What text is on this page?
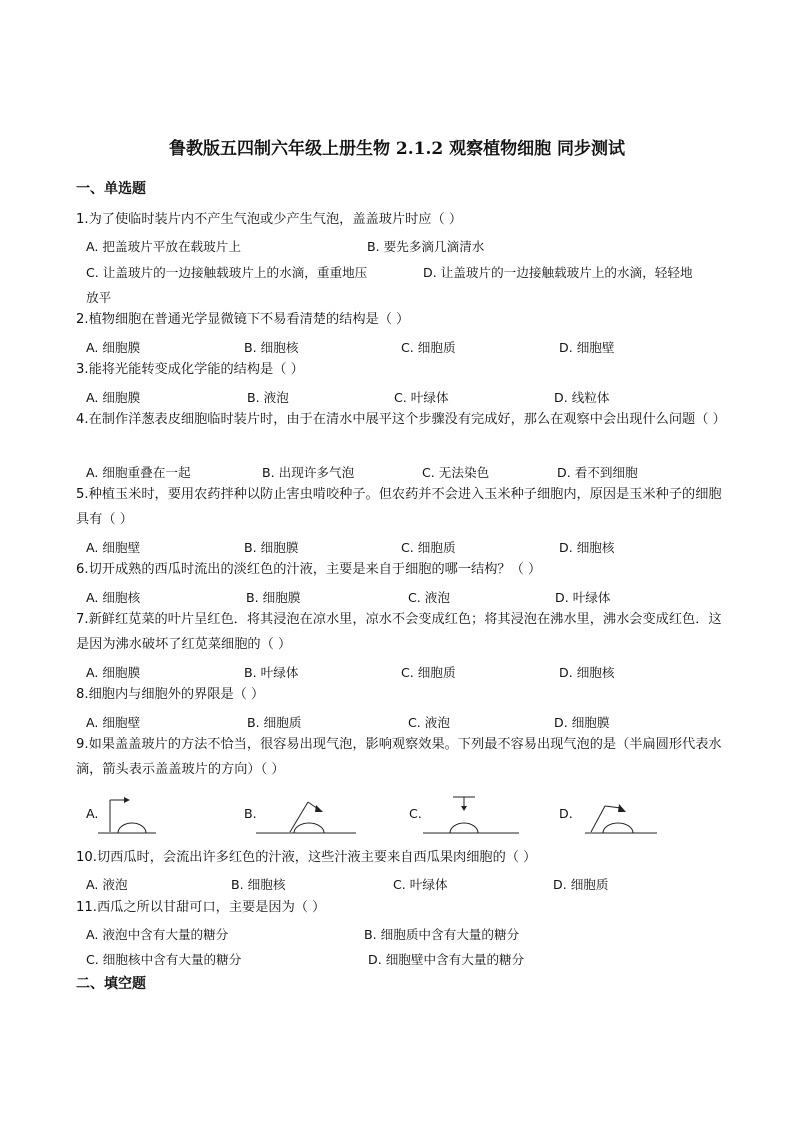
鲁教版五四制六年级上册生物 2.1.2 观察植物细胞 同步测试
一、单选题
1.为了使临时装片内不产生气泡或少产生气泡，盖盖玻片时应（ ）
A. 把盖玻片平放在载玻片上	B. 要先多滴几滴清水
C. 让盖玻片的一边接触载玻片上的水滴，重重地压	D. 让盖玻片的一边接触载玻片上的水滴，轻轻地
放平
2.植物细胞在普通光学显微镜下不易看清楚的结构是（ ）
A. 细胞膜	B. 细胞核	C. 细胞质	D. 细胞壁
3.能将光能转变成化学能的结构是（ ）
A. 细胞膜	B. 液泡	C. 叶绿体	D. 线粒体
4.在制作洋葱表皮细胞临时装片时，由于在清水中展平这个步骤没有完成好，那么在观察中会出现什么问题（ ）
A. 细胞重叠在一起	B. 出现许多气泡	C. 无法染色	D. 看不到细胞
5.种植玉米时，要用农药拌种以防止害虫啃咬种子。但农药并不会进入玉米种子细胞内，原因是玉米种子的细胞具有（ ）
A. 细胞壁	B. 细胞膜	C. 细胞质	D. 细胞核
6.切开成熟的西瓜时流出的淡红色的汁液，主要是来自于细胞的哪一结构？（ ）
A. 细胞核	B. 细胞膜	C. 液泡	D. 叶绿体
7.新鲜红苋菜的叶片呈红色．将其浸泡在凉水里，凉水不会变成红色；将其浸泡在沸水里，沸水会变成红色．这是因为沸水破坏了红苋菜细胞的（ ）
A. 细胞膜	B. 叶绿体	C. 细胞质	D. 细胞核
8.细胞内与细胞外的界限是（ ）
A. 细胞壁	B. 细胞质	C. 液泡	D. 细胞膜
9.如果盖盖玻片的方法不恰当，很容易出现气泡，影响观察效果。下列最不容易出现气泡的是（半扁圆形代表水滴，箭头表示盖盖玻片的方向）（ ）
A.	B.	C.	D.
10.切西瓜时，会流出许多红色的汁液，这些汁液主要来自西瓜果肉细胞的（ ）
A. 液泡	B. 细胞核	C. 叶绿体	D. 细胞质
11.西瓜之所以甘甜可口，主要是因为（ ）
A. 液泡中含有大量的糖分	B. 细胞质中含有大量的糖分
C. 细胞核中含有大量的糖分	D. 细胞壁中含有大量的糖分
二、填空题
